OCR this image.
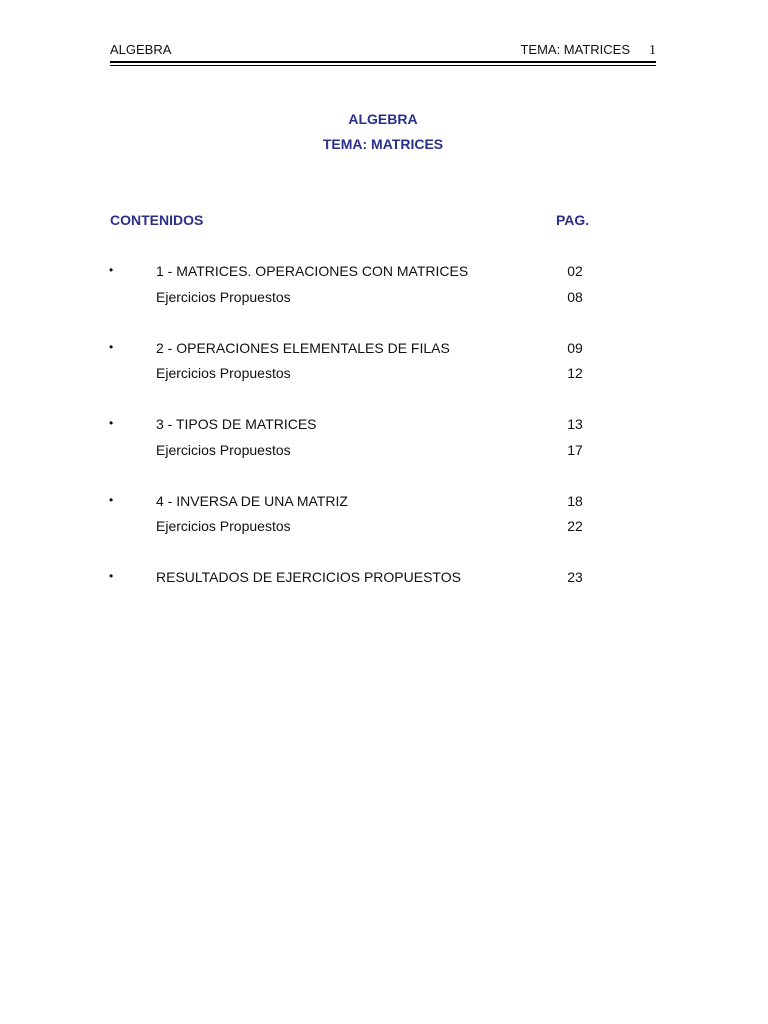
ALGEBRA	TEMA: MATRICES 1
ALGEBRA
TEMA: MATRICES
CONTENIDOS	PAG.
•	1 - MATRICES. OPERACIONES CON MATRICES	02
Ejercicios Propuestos	08
•	2 - OPERACIONES ELEMENTALES DE FILAS	09
Ejercicios Propuestos	12
•	3 - TIPOS DE MATRICES	13
Ejercicios Propuestos	17
•	4 - INVERSA DE UNA MATRIZ	18
Ejercicios Propuestos	22
•	RESULTADOS DE EJERCICIOS PROPUESTOS	23
